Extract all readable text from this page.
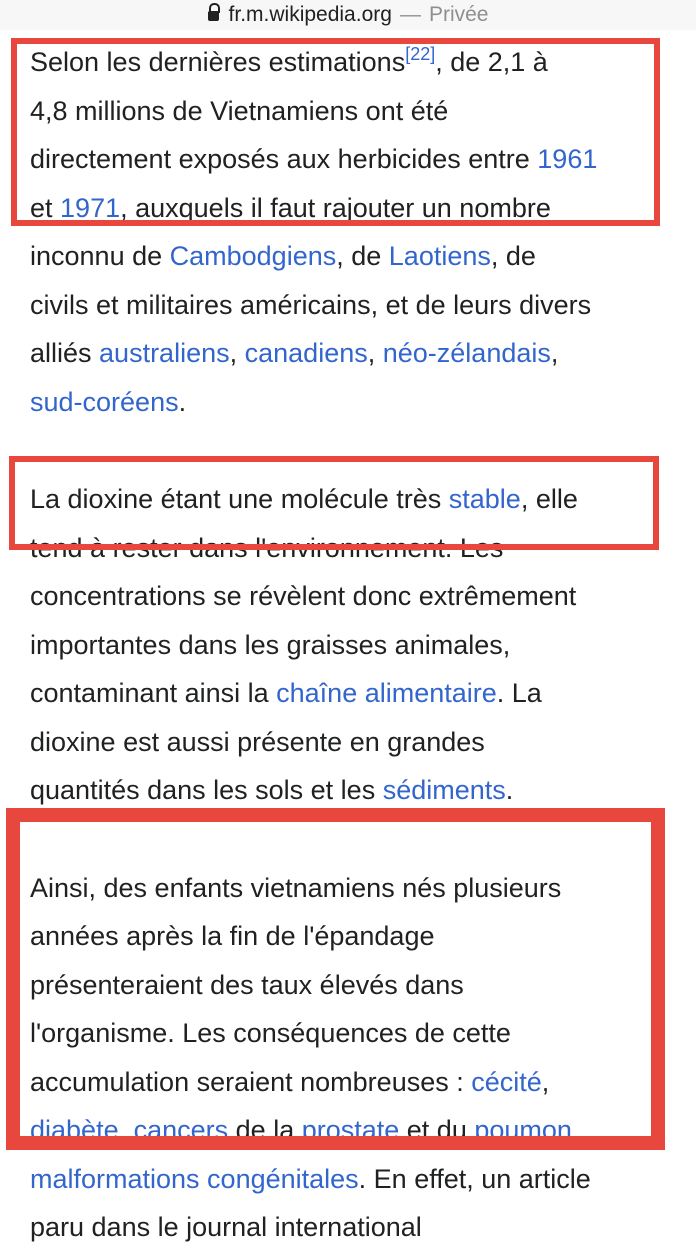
fr.m.wikipedia.org — Privée

Selon les dernières estimations[22], de 2,1 à
4,8 millions de Vietnamiens ont été
directement exposés aux herbicides entre 1961
et 1971, auxquels il faut rajouter un nombre
inconnu de Cambodgiens, de Laotiens, de
civils et militaires américains, et de leurs divers
alliés australiens, canadiens, néo-zélandais,
sud-coréens.

La dioxine étant une molécule très stable, elle
tend à rester dans l'environnement. Les
concentrations se révèlent donc extrêmement
importantes dans les graisses animales,
contaminant ainsi la chaîne alimentaire. La
dioxine est aussi présente en grandes
quantités dans les sols et les sédiments.

Ainsi, des enfants vietnamiens nés plusieurs
années après la fin de l'épandage
présenteraient des taux élevés dans
l'organisme. Les conséquences de cette
accumulation seraient nombreuses : cécité,
diabète, cancers de la prostate et du poumon,
malformations congénitales. En effet, un article
paru dans le journal international
